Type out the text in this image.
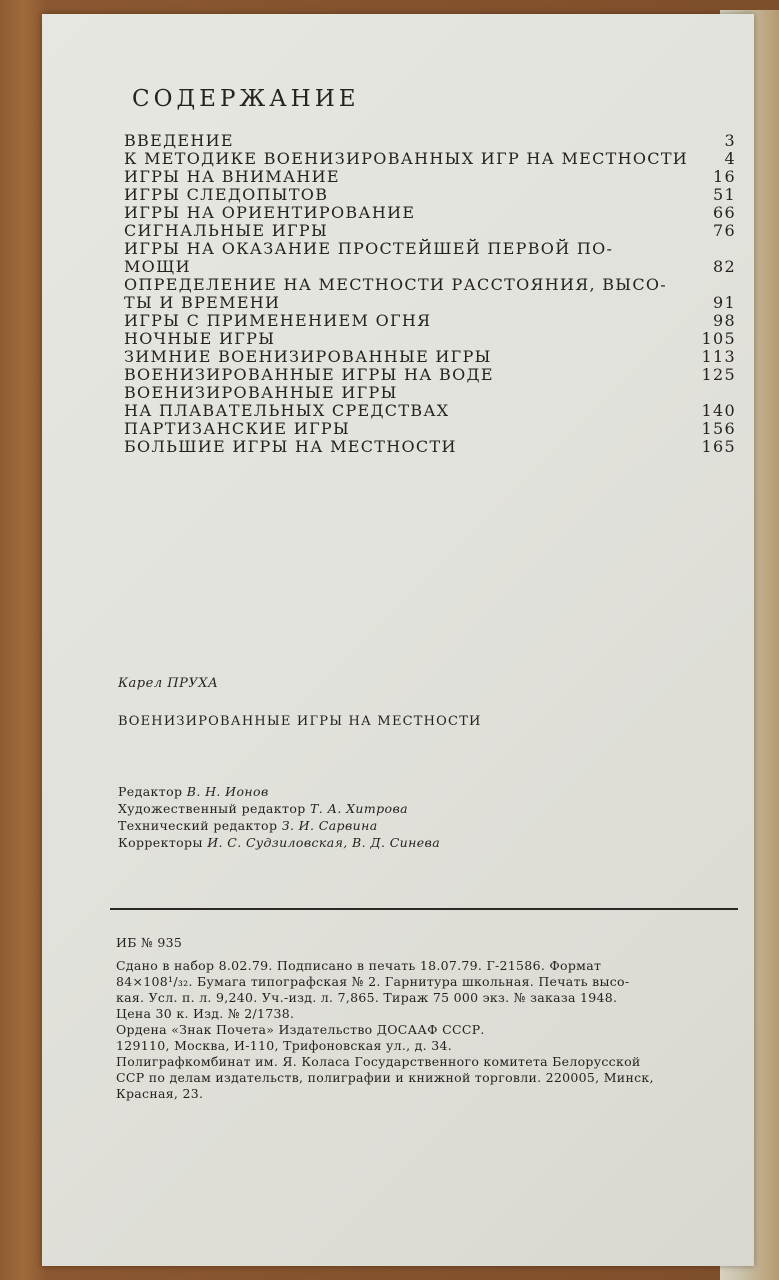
СОДЕРЖАНИЕ
ВВЕДЕНИЕ	3
К МЕТОДИКЕ ВОЕНИЗИРОВАННЫХ ИГР НА МЕСТНОСТИ 4
ИГРЫ НА ВНИМАНИЕ	16
ИГРЫ СЛЕДОПЫТОВ	51
ИГРЫ НА ОРИЕНТИРОВАНИЕ	66
СИГНАЛЬНЫЕ ИГРЫ	76
ИГРЫ НА ОКАЗАНИЕ ПРОСТЕЙШЕЙ ПЕРВОЙ ПО-
МОЩИ	82
ОПРЕДЕЛЕНИЕ НА МЕСТНОСТИ РАССТОЯНИЯ, ВЫСО-
ТЫ И ВРЕМЕНИ	91
ИГРЫ С ПРИМЕНЕНИЕМ ОГНЯ	98
НОЧНЫЕ ИГРЫ	105
ЗИМНИЕ ВОЕНИЗИРОВАННЫЕ ИГРЫ	113
ВОЕНИЗИРОВАННЫЕ ИГРЫ НА ВОДЕ	125
ВОЕНИЗИРОВАННЫЕ ИГРЫ
НА ПЛАВАТЕЛЬНЫХ СРЕДСТВАХ	140
ПАРТИЗАНСКИЕ ИГРЫ	156
БОЛЬШИЕ ИГРЫ НА МЕСТНОСТИ	165
Карел ПРУХА
ВОЕНИЗИРОВАННЫЕ ИГРЫ НА МЕСТНОСТИ
Редактор В. Н. Ионов
Художественный редактор Т. А. Хитрова
Технический редактор З. И. Сарвина
Корректоры И. С. Судзиловская, В. Д. Синева
ИБ № 935
Сдано в набор 8.02.79. Подписано в печать 18.07.79. Г-21586. Формат
84×108¹/₃₂. Бумага типографская № 2. Гарнитура школьная. Печать высо-
кая. Усл. п. л. 9,240. Уч.-изд. л. 7,865. Тираж 75 000 экз. № заказа 1948.
Цена 30 к. Изд. № 2/1738.
Ордена «Знак Почета» Издательство ДОСААФ СССР.
129110, Москва, И-110, Трифоновская ул., д. 34.
Полиграфкомбинат им. Я. Коласа Государственного комитета Белорусской
ССР по делам издательств, полиграфии и книжной торговли. 220005, Минск,
Красная, 23.
